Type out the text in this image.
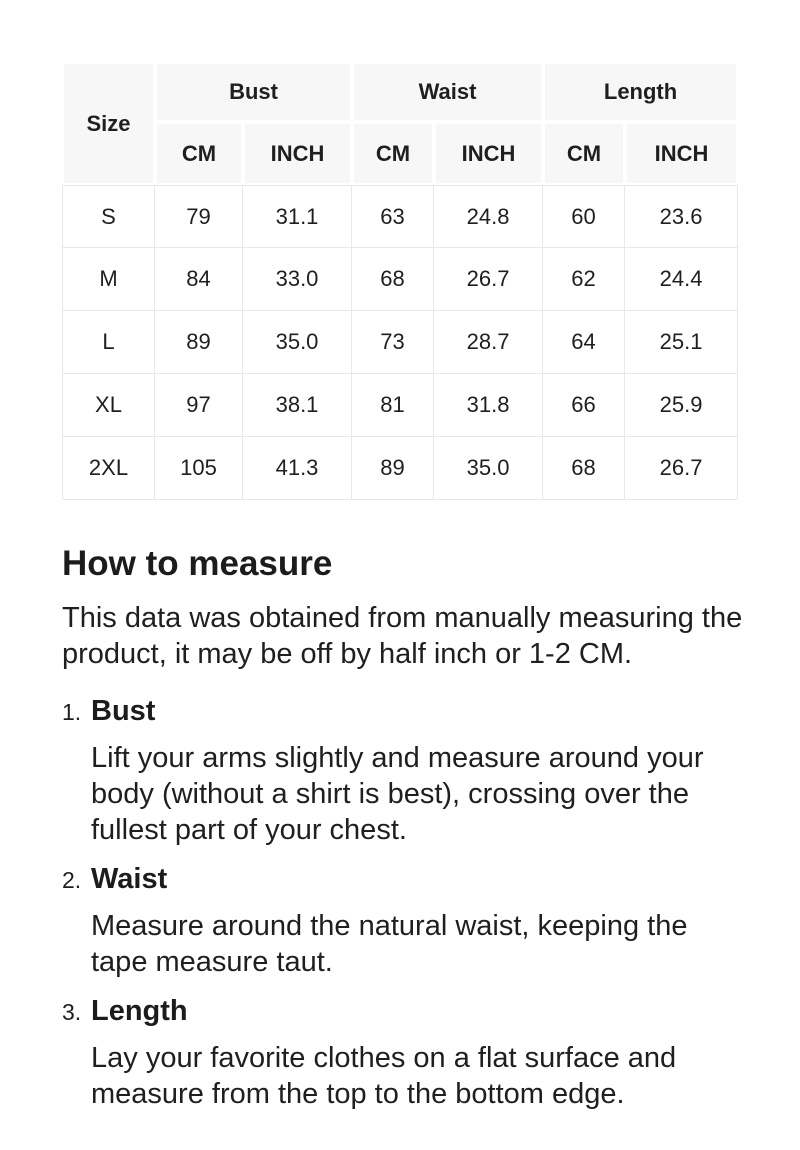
Size	Bust		Waist		Length	
	CM	INCH	CM	INCH	CM	INCH
S	79	31.1	63	24.8	60	23.6
M	84	33.0	68	26.7	62	24.4
L	89	35.0	73	28.7	64	25.1
XL	97	38.1	81	31.8	66	25.9
2XL	105	41.3	89	35.0	68	26.7
How to measure

This data was obtained from manually measuring the product, it may be off by half inch or 1-2 CM.

1. Bust

Lift your arms slightly and measure around your body (without a shirt is best), crossing over the fullest part of your chest.

2. Waist

Measure around the natural waist, keeping the tape measure taut.

3. Length

Lay your favorite clothes on a flat surface and measure from the top to the bottom edge.
